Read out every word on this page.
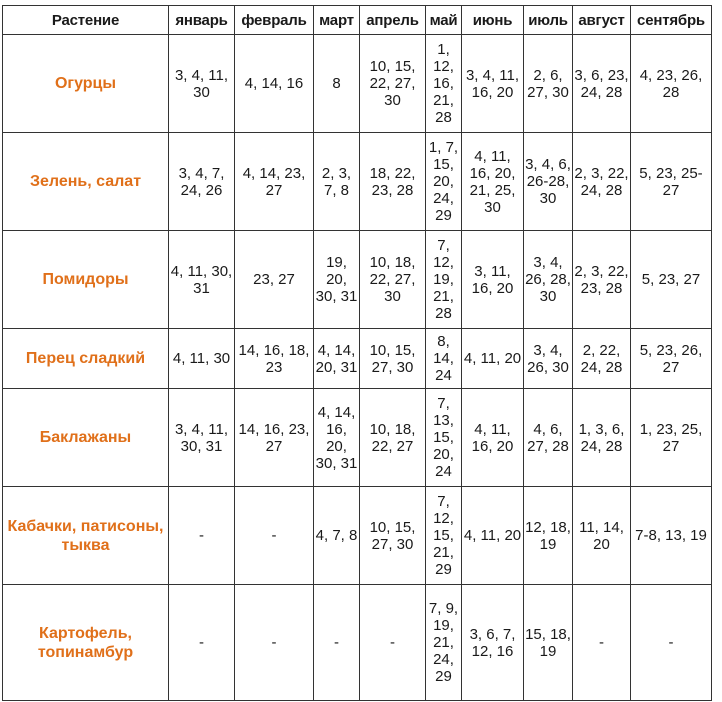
Растение	январь	февраль	март	апрель	май	июнь	июль	август	сентябрь
Огурцы	3, 4, 11, 30	4, 14, 16	8	10, 15, 22, 27, 30	1, 12, 16, 21, 28	3, 4, 11, 16, 20	2, 6, 27, 30	3, 6, 23, 24, 28	4, 23, 26, 28
Зелень, салат	3, 4, 7, 24, 26	4, 14, 23, 27	2, 3, 7, 8	18, 22, 23, 28	1, 7, 15, 20, 24, 29	4, 11, 16, 20, 21, 25, 30	3, 4, 6, 26-28, 30	2, 3, 22, 24, 28	5, 23, 25-27
Помидоры	4, 11, 30, 31	23, 27	19, 20, 30, 31	10, 18, 22, 27, 30	7, 12, 19, 21, 28	3, 11, 16, 20	3, 4, 26, 28, 30	2, 3, 22, 23, 28	5, 23, 27
Перец сладкий	4, 11, 30	14, 16, 18, 23	4, 14, 20, 31	10, 15, 27, 30	8, 14, 24	4, 11, 20	3, 4, 26, 30	2, 22, 24, 28	5, 23, 26, 27
Баклажаны	3, 4, 11, 30, 31	14, 16, 23, 27	4, 14, 16, 20, 30, 31	10, 18, 22, 27	7, 13, 15, 20, 24	4, 11, 16, 20	4, 6, 27, 28	1, 3, 6, 24, 28	1, 23, 25, 27
Кабачки, патисоны, тыква	-	-	4, 7, 8	10, 15, 27, 30	7, 12, 15, 21, 29	4, 11, 20	12, 18, 19	11, 14, 20	7-8, 13, 19
Картофель, топинамбур	-	-	-	-	7, 9, 19, 21, 24, 29	3, 6, 7, 12, 16	15, 18, 19	-	-
